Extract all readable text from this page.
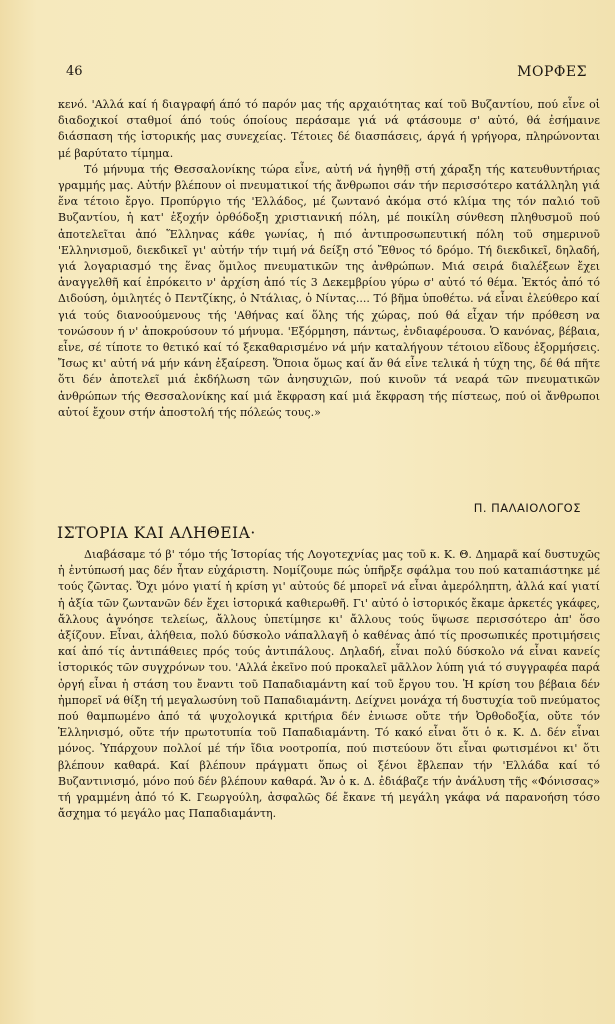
46	ΜΟΡΦΕΣ

κενό. 'Αλλά καί ή διαγραφή άπό τό παρόν μας τής αρχαιότητας καί τοῦ Βυζαντίου, πού εἶνε οἱ διαδοχικοί σταθμοί άπό τούς όποίους περάσαμε γιά νά φτάσουμε σ' αὐτό, θά ἐσήμαινε διάσπαση τής ἱστορικής μας συνεχείας. Τέτοιες δέ διασπάσεις, άργά ή γρήγορα, πληρώνονται μέ βαρύτατο τίμημα.

Τό μήνυμα τής Θεσσαλονίκης τώρα εἶνε, αὐτή νά ἡγηθῇ στή χάραξη τής κατευθυντήριας γραμμής μας. Αὐτήν βλέπουν οἱ πνευματικοί τής ἄνθρωποι σάν τήν περισσότερο κατάλληλη γιά ἕνα τέτοιο ἔργο. Προπύργιο τής 'Ελλάδος, μέ ζωντανό ἀκόμα στό κλίμα της τόν παλιό τοῦ Βυζαντίου, ἡ κατ' ἐξοχήν ὀρθόδοξη χριστιανική πόλη, μέ ποικίλη σύνθεση πληθυσμοῦ πού ἀποτελεῖται ἀπό Ἕλληνας κάθε γωνίας, ἡ πιό ἀντιπροσωπευτική πόλη τοῦ σημερινοῦ 'Ελληνισμοῦ, διεκδικεῖ γι' αὐτήν τήν τιμή νά δείξη στό Ἔθνος τό δρόμο. Τή διεκδικεῖ, δηλαδή, γιά λογαριασμό της ἕνας ὅμιλος πνευματικῶν της ἀνθρώπων. Μιά σειρά διαλέξεων ἔχει ἀναγγελθῆ καί ἐπρόκειτο ν' ἀρχίση ἀπό τίς 3 Δεκεμβρίου γύρω σ' αὐτό τό θέμα. Ἐκτός ἀπό τό Διδούση, ὁμιλητές ὁ Πεντζίκης, ὁ Ντάλιας, ὁ Νίντας.... Τό βῆμα ὑποθέτω. νά εἶναι ἐλεύθερο καί γιά τούς διανοούμενους τής 'Αθήνας καί ὅλης τής χώρας, πού θά εἶχαν τήν πρόθεση να τονώσουν ή ν' ἀποκρούσουν τό μήνυμα. 'Εξόρμηση, πάντως, ἐνδιαφέρουσα. Ὁ κανόνας, βέβαια, εἶνε, σέ τίποτε το θετικό καί τό ξεκαθαρισμένο νά μήν καταλήγουν τέτοιου εἴδους ἐξορμήσεις. Ἴσως κι' αὐτή νά μήν κάνη ἐξαίρεση. Ὅποια ὅμως καί ἄν θά εἶνε τελικά ἡ τύχη της, δέ θά πῆτε ὅτι δέν ἀποτελεῖ μιά ἐκδήλωση τῶν ἀνησυχιῶν, πού κινοῦν τά νεαρά τῶν πνευματικῶν ἀνθρώπων τής Θεσσαλονίκης καί μιά ἔκφραση καί μιά ἔκφραση τής πίστεως, πού οἱ ἄνθρωποι αὐτοί ἔχουν στήν ἀποστολή τής πόλεώς τους.»

Π. ΠΑΛΑΙΟΛΟΓΟΣ
ΙΣΤΟΡΙΑ ΚΑΙ ΑΛΗΘΕΙΑ·

Διαβάσαμε τό β' τόμο τής Ἱστορίας τής Λογοτεχνίας μας τοῦ κ. Κ. Θ. Δημαρᾶ καί δυστυχῶς ἡ ἐντύπωσή μας δέν ἦταν εὐχάριστη. Νομίζουμε πώς ὑπῆρξε σφάλμα του πού καταπιάστηκε μέ τούς ζῶντας. Ὄχι μόνο γιατί ἡ κρίση γι' αὐτούς δέ μπορεῖ νά εἶναι ἀμερόληπτη, ἀλλά καί γιατί ἡ ἀξία τῶν ζωντανῶν δέν ἔχει ἱστορικά καθιερωθῆ. Γι' αὐτό ὁ ἱστορικός ἔκαμε ἀρκετές γκάφες, ἄλλους ἀγνόησε τελείως, ἄλλους ὑπετίμησε κι' ἄλλους τούς ὕψωσε περισσότερο ἀπ' ὅσο ἀξίζουν. Εἶναι, ἀλήθεια, πολύ δύσκολο νάπαλλαγῆ ὁ καθένας ἀπό τίς προσωπικές προτιμήσεις καί ἀπό τίς ἀντιπάθειες πρός τούς ἀντιπάλους. Δηλαδή, εἶναι πολύ δύσκολο νά εἶναι κανείς ἱστορικός τῶν συγχρόνων του. 'Αλλά ἐκεῖνο πού προκαλεῖ μᾶλλον λύπη γιά τό συγγραφέα παρά ὀργή εἶναι ἡ στάση του ἔναντι τοῦ Παπαδιαμάντη καί τοῦ ἔργου του. Ἡ κρίση του βέβαια δέν ἠμπορεῖ νά θίξη τή μεγαλωσύνη τοῦ Παπαδιαμάντη. Δείχνει μονάχα τή δυστυχία τοῦ πνεύματος πού θαμπωμένο ἀπό τά ψυχολογικά κριτήρια δέν ἐνιωσε οὔτε τήν Ὀρθοδοξία, οὔτε τόν Ἑλληνισμό, οὔτε τήν πρωτοτυπία τοῦ Παπαδιαμάντη. Τό κακό εἶναι ὅτι ὁ κ. Κ. Δ. δέν εἶναι μόνος. Ὑπάρχουν πολλοί μέ τήν ἴδια νοοτροπία, πού πιστεύουν ὅτι εἶναι φωτισμένοι κι' ὅτι βλέπουν καθαρά. Καί βλέπουν πράγματι ὅπως οἱ ξένοι ἔβλεπαν τήν 'Ελλάδα καί τό Βυζαντινισμό, μόνο πού δέν βλέπουν καθαρά. Ἄν ὁ κ. Δ. ἐδιάβαζε τήν ἀνάλυση τῆς «Φόνισσας» τή γραμμένη ἀπό τό Κ. Γεωργούλη, ἀσφαλῶς δέ ἔκανε τή μεγάλη γκάφα νά παρανοήση τόσο ἄσχημα τό μεγάλο μας Παπαδιαμάντη.
